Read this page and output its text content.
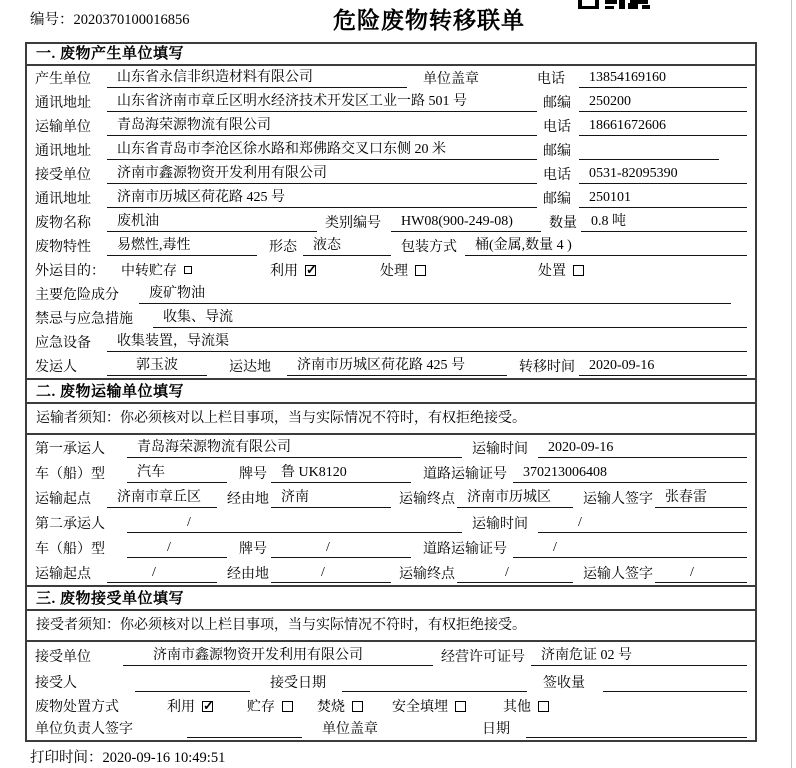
编号：2020370100016856	危险废物转移联单
一. 废物产生单位填写
产生单位	山东省永信非织造材料有限公司	单位盖章	电话	13854169160
通讯地址	山东省济南市章丘区明水经济技术开发区工业一路 501 号	邮编	250200
运输单位	青岛海荣源物流有限公司	电话	18661672606
通讯地址	山东省青岛市李沧区徐水路和郑佛路交叉口东侧 20 米	邮编
接受单位	济南市鑫源物资开发利用有限公司	电话	0531-82095390
通讯地址	济南市历城区荷花路 425 号	邮编	250101
废物名称	废机油	类别编号	HW08(900-249-08)	数量	0.8 吨
废物特性	易燃性,毒性	形态	液态	包装方式	桶(金属,数量 4 )
外运目的：	中转贮存	利用 ✓	处理	处置
主要危险成分	废矿物油
禁忌与应急措施	收集、导流
应急设备	收集装置，导流渠
发运人	郭玉波	运达地	济南市历城区荷花路 425 号	转移时间	2020-09-16
二. 废物运输单位填写
运输者须知：你必须核对以上栏目事项，当与实际情况不符时，有权拒绝接受。
第一承运人	青岛海荣源物流有限公司	运输时间	2020-09-16
车（船）型	汽车	牌号	鲁 UK8120	道路运输证号	370213006408
运输起点	济南市章丘区	经由地 济南	运输终点 济南市历城区	运输人签字 张春雷
第二承运人	/	运输时间	/
车（船）型	/	牌号	/	道路运输证号	/
运输起点	/	经由地	/	运输终点	/	运输人签字	/
三. 废物接受单位填写
接受者须知：你必须核对以上栏目事项，当与实际情况不符时，有权拒绝接受。
接受单位	济南市鑫源物资开发利用有限公司	经营许可证号	济南危证 02 号
接受人	接受日期	签收量
废物处置方式	利用 ✓	贮存	焚烧	安全填埋	其他
单位负责人签字	单位盖章	日期
打印时间：2020-09-16 10:49:51
